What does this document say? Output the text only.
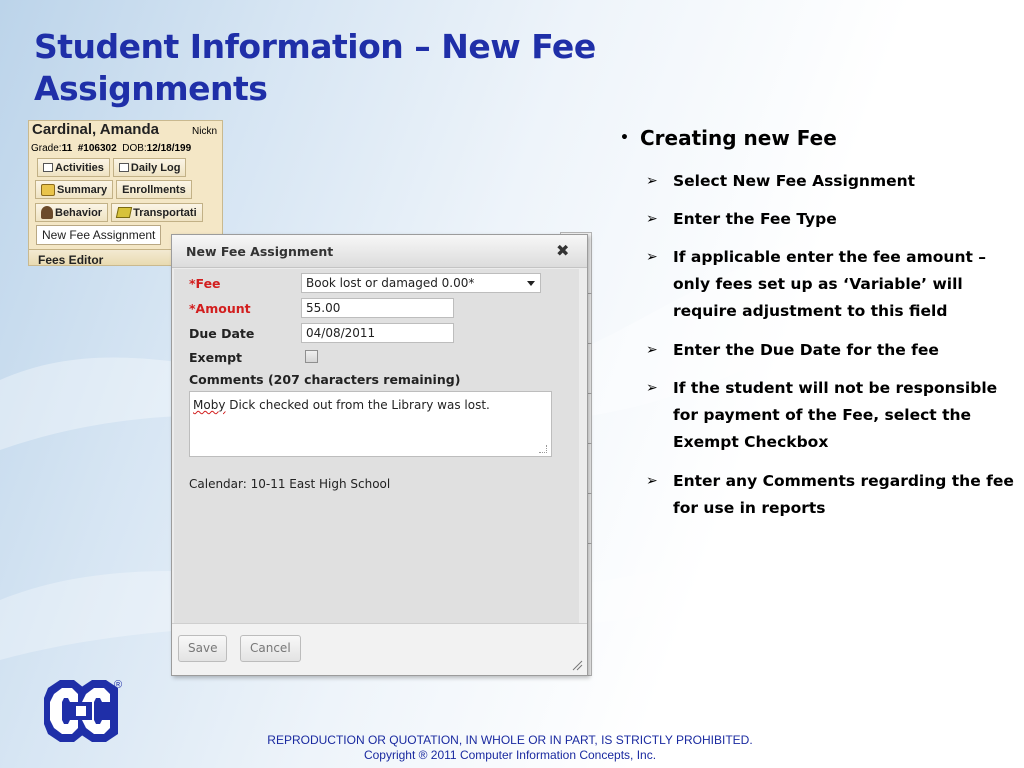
Student Information – New Fee Assignments
Cardinal, Amanda	Nickn
Grade:11 #106302 DOB:12/18/199
Activities Daily Log
Summary Enrollments
Behavior	Transportati
New Fee Assignment
Fees Editor
New Fee Assignment	✖
*Fee	Book lost or damaged 0.00*
*Amount	55.00
Due Date	04/08/2011
Exempt
Comments (207 characters remaining)
Moby Dick checked out from the Library was lost.
Calendar: 10-11 East High School
Save	Cancel
• Creating new Fee
➢ Select New Fee Assignment
➢ Enter the Fee Type
➢ If applicable enter the fee amount – only fees set up as ‘Variable’ will require adjustment to this field
➢ Enter the Due Date for the fee
➢ If the student will not be responsible for payment of the Fee, select the Exempt Checkbox
➢ Enter any Comments regarding the fee for use in reports
®
REPRODUCTION OR QUOTATION, IN WHOLE OR IN PART, IS STRICTLY PROHIBITED.
Copyright ® 2011 Computer Information Concepts, Inc.
